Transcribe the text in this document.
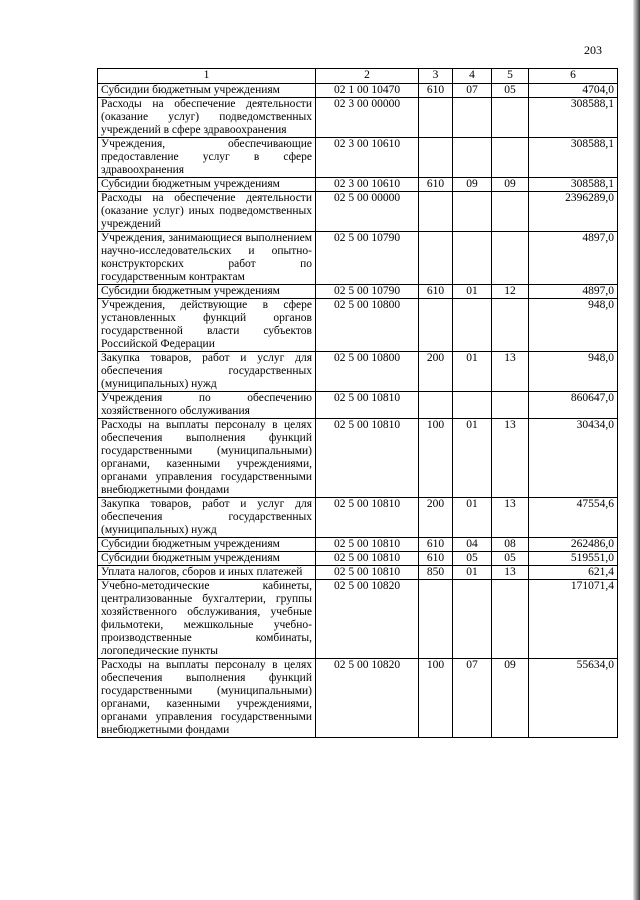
203
1	2	3	4	5	6
Субсидии бюджетным учреждениям	02 1 00 10470	610	07	05	4704,0
Расходы на обеспечение деятельности (оказание услуг) подведомственных учреждений в сфере здравоохранения	02 3 00 00000				308588,1
Учреждения, обеспечивающие предоставление услуг в сфере здравоохранения	02 3 00 10610				308588,1
Субсидии бюджетным учреждениям	02 3 00 10610	610	09	09	308588,1
Расходы на обеспечение деятельности (оказание услуг) иных подведомственных учреждений	02 5 00 00000				2396289,0
Учреждения, занимающиеся выполнением научно-исследовательских и опытно-конструкторских работ по государственным контрактам	02 5 00 10790				4897,0
Субсидии бюджетным учреждениям	02 5 00 10790	610	01	12	4897,0
Учреждения, действующие в сфере установленных функций органов государственной власти субъектов Российской Федерации	02 5 00 10800				948,0
Закупка товаров, работ и услуг для обеспечения государственных (муниципальных) нужд	02 5 00 10800	200	01	13	948,0
Учреждения по обеспечению хозяйственного обслуживания	02 5 00 10810				860647,0
Расходы на выплаты персоналу в целях обеспечения выполнения функций государственными (муниципальными) органами, казенными учреждениями, органами управления государственными внебюджетными фондами	02 5 00 10810	100	01	13	30434,0
Закупка товаров, работ и услуг для обеспечения государственных (муниципальных) нужд	02 5 00 10810	200	01	13	47554,6
Субсидии бюджетным учреждениям	02 5 00 10810	610	04	08	262486,0
Субсидии бюджетным учреждениям	02 5 00 10810	610	05	05	519551,0
Уплата налогов, сборов и иных платежей	02 5 00 10810	850	01	13	621,4
Учебно-методические кабинеты, централизованные бухгалтерии, группы хозяйственного обслуживания, учебные фильмотеки, межшкольные учебно-производственные комбинаты, логопедические пункты	02 5 00 10820				171071,4
Расходы на выплаты персоналу в целях обеспечения выполнения функций государственными (муниципальными) органами, казенными учреждениями, органами управления государственными внебюджетными фондами	02 5 00 10820	100	07	09	55634,0
